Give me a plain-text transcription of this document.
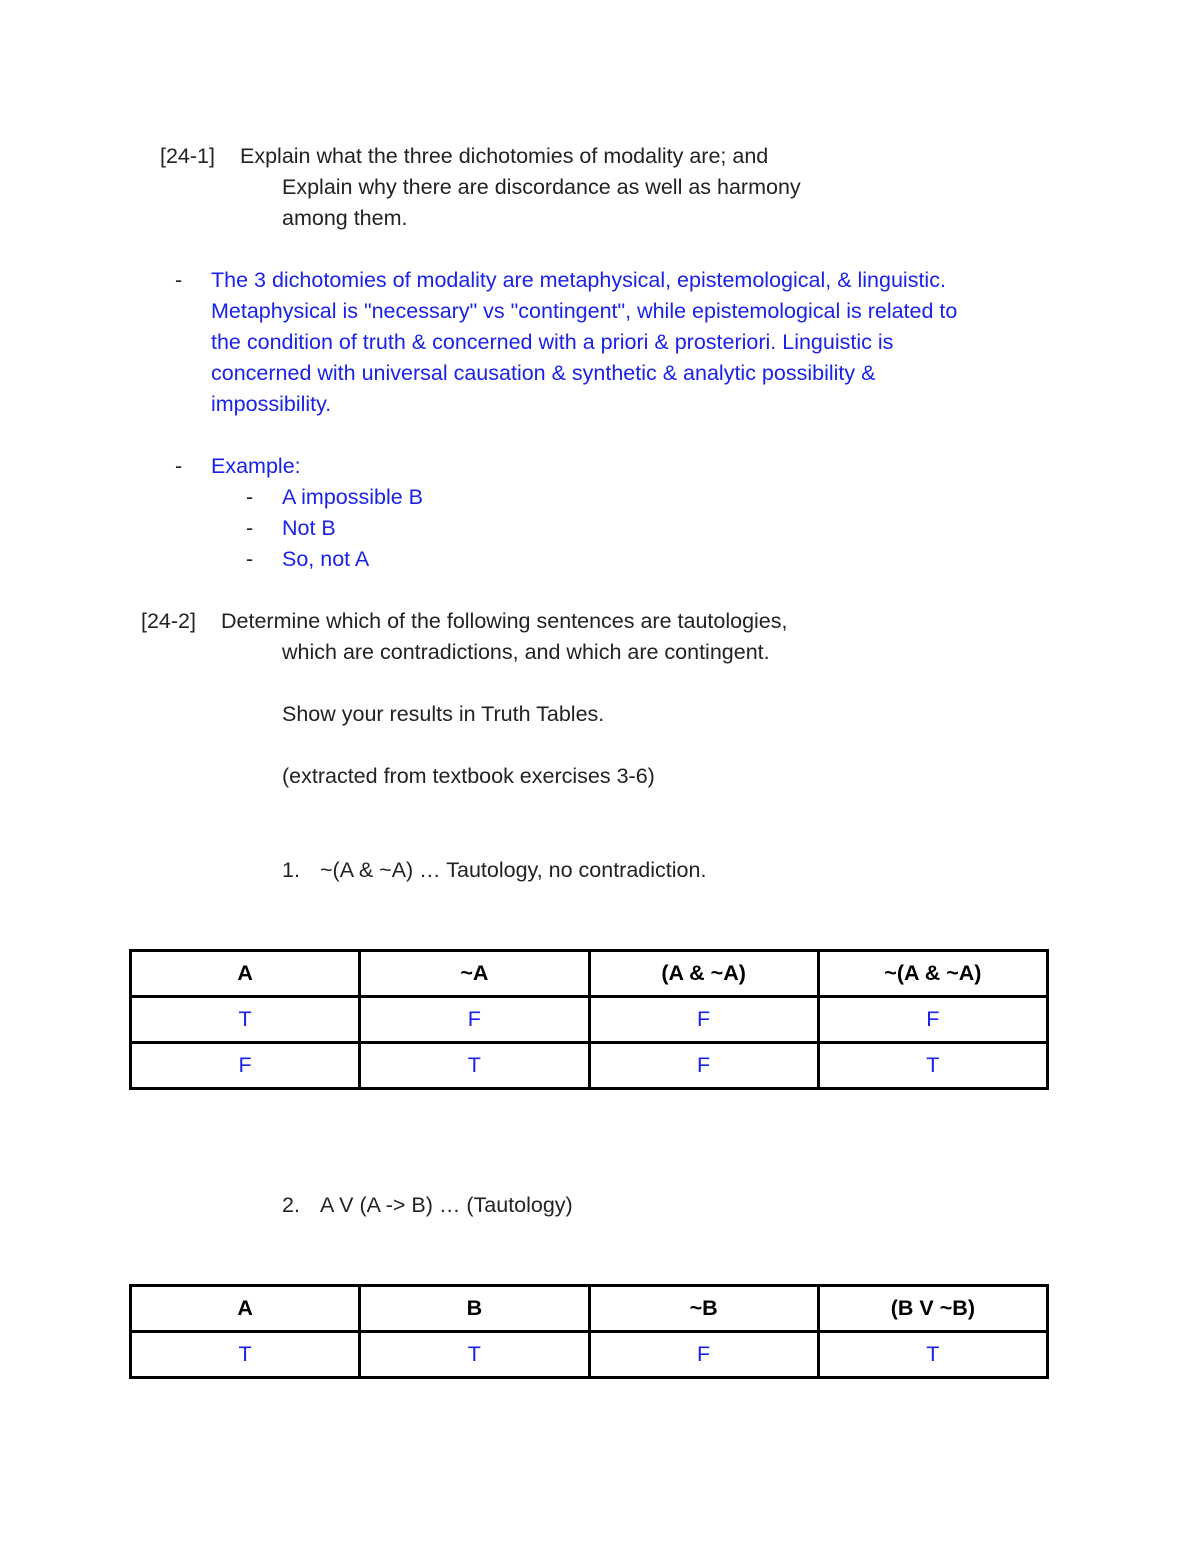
[24-1] Explain what the three dichotomies of modality are; and
Explain why there are discordance as well as harmony
among them.
- The 3 dichotomies of modality are metaphysical, epistemological, & linguistic.
Metaphysical is "necessary" vs "contingent", while epistemological is related to
the condition of truth & concerned with a priori & prosteriori. Linguistic is
concerned with universal causation & synthetic & analytic possibility &
impossibility.
- Example:
- A impossible B
- Not B
- So, not A
[24-2] Determine which of the following sentences are tautologies,
which are contradictions, and which are contingent.
Show your results in Truth Tables.
(extracted from textbook exercises 3-6)
1. ~(A & ~A) … Tautology, no contradiction.
A	~A	(A & ~A)	~(A & ~A)
T	F	F	F
F	T	F	T
2. A V (A -> B) … (Tautology)
A	B	~B	(B V ~B)
T	T	F	T
